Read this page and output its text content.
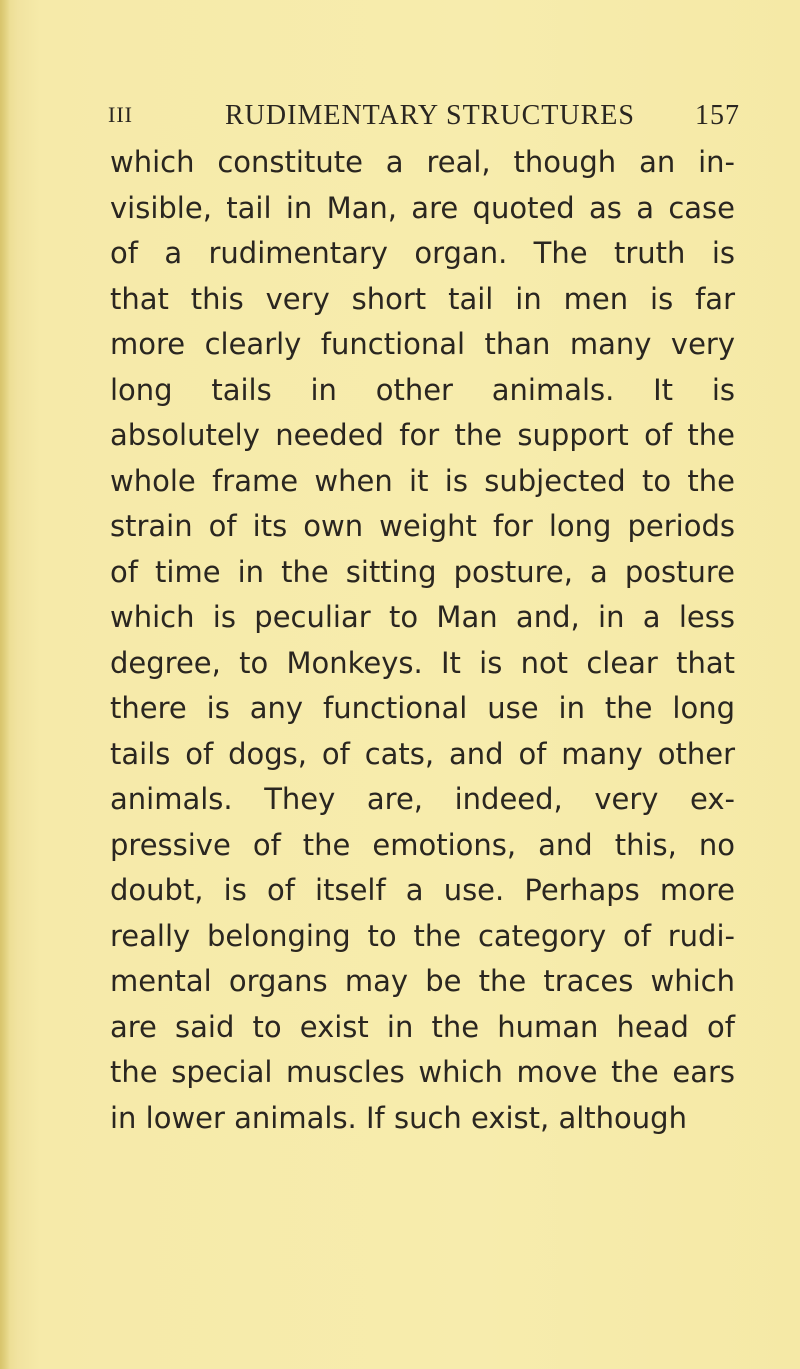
III	RUDIMENTARY STRUCTURES	157
which constitute a real, though an in-
visible, tail in Man, are quoted as a case
of a rudimentary organ. The truth is
that this very short tail in men is far
more clearly functional than many very
long tails in other animals. It is
absolutely needed for the support of the
whole frame when it is subjected to the
strain of its own weight for long periods
of time in the sitting posture, a posture
which is peculiar to Man and, in a less
degree, to Monkeys. It is not clear that
there is any functional use in the long
tails of dogs, of cats, and of many other
animals. They are, indeed, very ex-
pressive of the emotions, and this, no
doubt, is of itself a use. Perhaps more
really belonging to the category of rudi-
mental organs may be the traces which
are said to exist in the human head of
the special muscles which move the ears
in lower animals. If such exist, although
